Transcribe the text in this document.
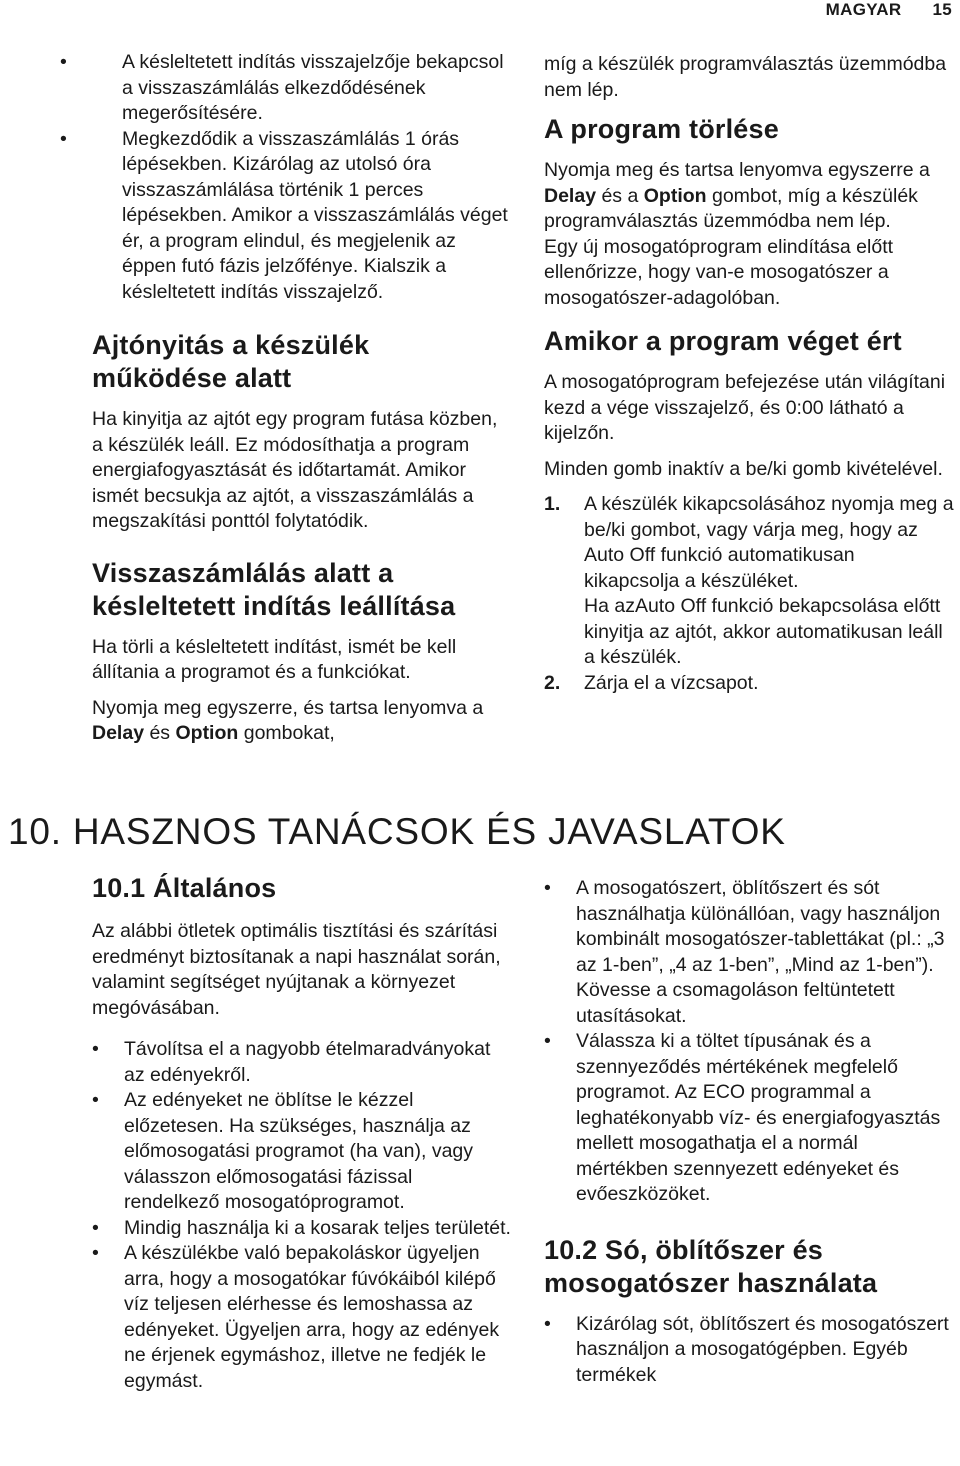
MAGYAR 15
• A késleltetett indítás visszajelzője bekapcsol a visszaszámlálás elkezdődésének megerősítésére.
• Megkezdődik a visszaszámlálás 1 órás lépésekben. Kizárólag az utolsó óra visszaszámlálása történik 1 perces lépésekben. Amikor a visszaszámlálás véget ér, a program elindul, és megjelenik az éppen futó fázis jelzőfénye. Kialszik a késleltetett indítás visszajelző.
Ajtónyitás a készülék működése alatt

Ha kinyitja az ajtót egy program futása közben, a készülék leáll. Ez módosíthatja a program energiafogyasztását és időtartamát. Amikor ismét becsukja az ajtót, a visszaszámlálás a megszakítási ponttól folytatódik.

Visszaszámlálás alatt a késleltetett indítás leállítása

Ha törli a késleltetett indítást, ismét be kell állítania a programot és a funkciókat.

Nyomja meg egyszerre, és tartsa lenyomva a Delay és Option gombokat,

míg a készülék programválasztás üzemmódba nem lép.

A program törlése

Nyomja meg és tartsa lenyomva egyszerre a Delay és a Option gombot, míg a készülék programválasztás üzemmódba nem lép.

Egy új mosogatóprogram elindítása előtt ellenőrizze, hogy van-e mosogatószer a mosogatószer-adagolóban.

Amikor a program véget ért

A mosogatóprogram befejezése után világítani kezd a vége visszajelző, és 0:00 látható a kijelzőn.

Minden gomb inaktív a be/ki gomb kivételével.

1. A készülék kikapcsolásához nyomja meg a be/ki gombot, vagy várja meg, hogy az Auto Off funkció automatikusan kikapcsolja a készüléket.
Ha azAuto Off funkció bekapcsolása előtt kinyitja az ajtót, akkor automatikusan leáll a készülék.
2. Zárja el a vízcsapot.
10. HASZNOS TANÁCSOK ÉS JAVASLATOK
10.1 Általános

Az alábbi ötletek optimális tisztítási és szárítási eredményt biztosítanak a napi használat során, valamint segítséget nyújtanak a környezet megóvásában.

• Távolítsa el a nagyobb ételmaradványokat az edényekről.
• Az edényeket ne öblítse le kézzel előzetesen. Ha szükséges, használja az előmosogatási programot (ha van), vagy válasszon előmosogatási fázissal rendelkező mosogatóprogramot.
• Mindig használja ki a kosarak teljes területét.
• A készülékbe való bepakoláskor ügyeljen arra, hogy a mosogatókar fúvókáiból kilépő víz teljesen elérhesse és lemoshassa az edényeket. Ügyeljen arra, hogy az edények ne érjenek egymáshoz, illetve ne fedjék le egymást.
• A mosogatószert, öblítőszert és sót használhatja különállóan, vagy használjon kombinált mosogatószer-tablettákat (pl.: „3 az 1-ben”, „4 az 1-ben”, „Mind az 1-ben”). Kövesse a csomagoláson feltüntetett utasításokat.
• Válassza ki a töltet típusának és a szennyeződés mértékének megfelelő programot. Az ECO programmal a leghatékonyabb víz- és energiafogyasztás mellett mosogathatja el a normál mértékben szennyezett edényeket és evőeszközöket.
10.2 Só, öblítőszer és mosogatószer használata
• Kizárólag sót, öblítőszert és mosogatószert használjon a mosogatógépben. Egyéb termékek
